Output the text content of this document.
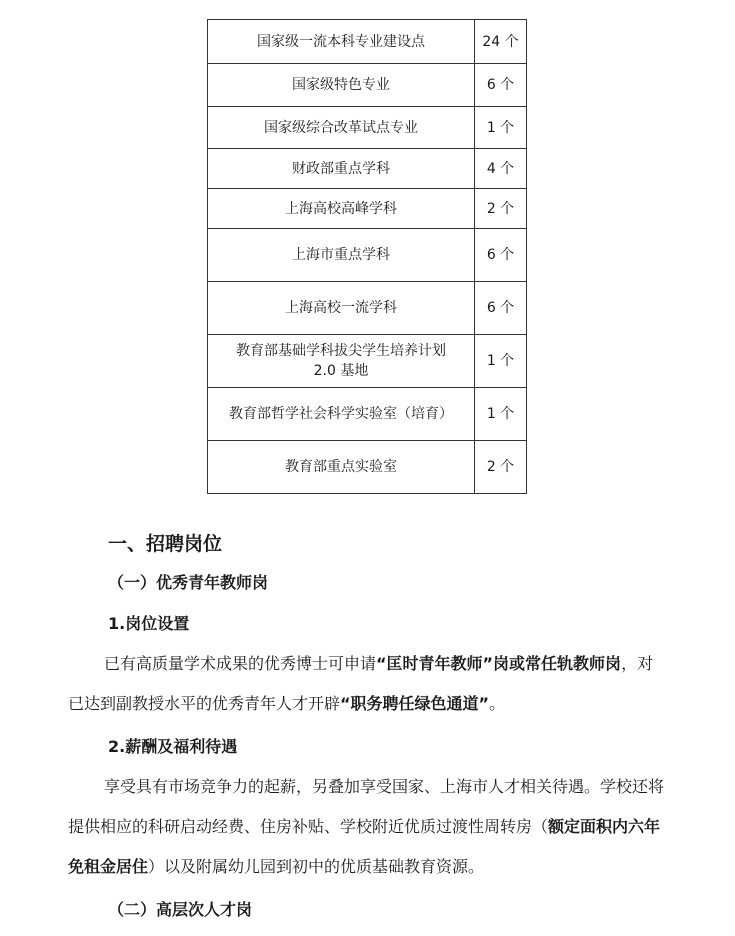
国家级一流本科专业建设点	24 个
国家级特色专业	6 个
国家级综合改革试点专业	1 个
财政部重点学科	4 个
上海高校高峰学科	2 个
上海市重点学科	6 个
上海高校一流学科	6 个

教育部基础学科拔尖学生培养计划
2.0 基地	1 个
教育部哲学社会科学实验室（培育）	1 个
教育部重点实验室	2 个
一、招聘岗位
（一）优秀青年教师岗
1.岗位设置

已有高质量学术成果的优秀博士可申请“匡时青年教师”岗或常任轨教师岗，对已达到副教授水平的优秀青年人才开辟“职务聘任绿色通道”。

2.薪酬及福利待遇

享受具有市场竞争力的起薪，另叠加享受国家、上海市人才相关待遇。学校还将提供相应的科研启动经费、住房补贴、学校附近优质过渡性周转房（额定面积内六年免租金居住）以及附属幼儿园到初中的优质基础教育资源。

（二）高层次人才岗
